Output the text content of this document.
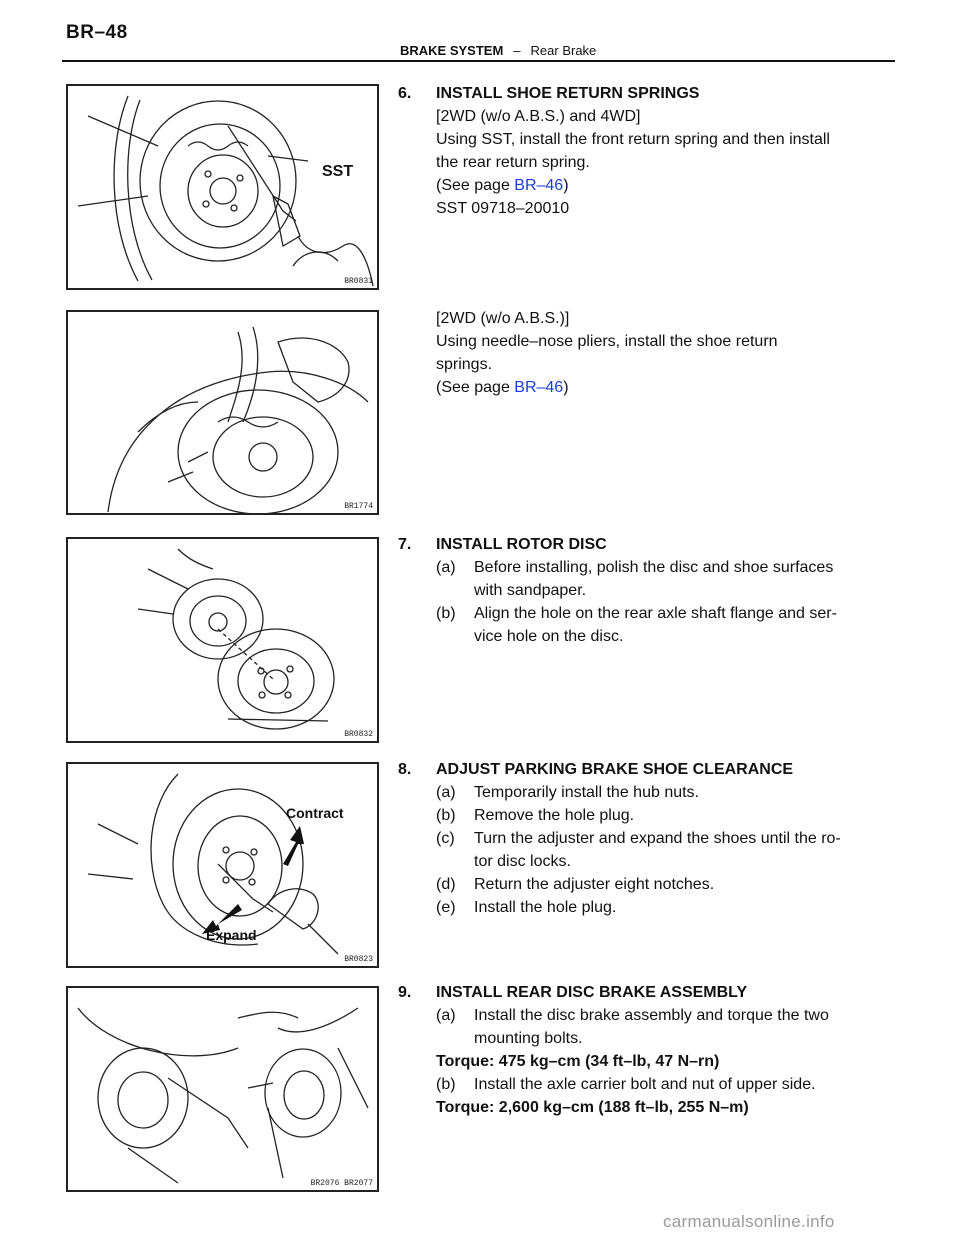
BR–48
BRAKE SYSTEM – Rear Brake
SST
BR0831
BR1774
BR0832
Contract
Expand
BR0823
BR2076 BR2077

6. INSTALL SHOE RETURN SPRINGS

[2WD (w/o A.B.S.) and 4WD]

Using SST, install the front return spring and then install

the rear return spring.

(See page BR–46)

SST 09718–20010

[2WD (w/o A.B.S.)]

Using needle–nose pliers, install the shoe return

springs.

(See page BR–46)

7. INSTALL ROTOR DISC

(a) Before installing, polish the disc and shoe surfaces

with sandpaper.

(b) Align the hole on the rear axle shaft flange and ser-

vice hole on the disc.

8. ADJUST PARKING BRAKE SHOE CLEARANCE

(a) Temporarily install the hub nuts.

(b) Remove the hole plug.

(c) Turn the adjuster and expand the shoes until the ro-

tor disc locks.

(d) Return the adjuster eight notches.

(e) Install the hole plug.

9. INSTALL REAR DISC BRAKE ASSEMBLY

(a) Install the disc brake assembly and torque the two

mounting bolts.

Torque: 475 kg–cm (34 ft–lb, 47 N–rn)

(b) Install the axle carrier bolt and nut of upper side.

Torque: 2,600 kg–cm (188 ft–lb, 255 N–m)

carmanualsonline.info
